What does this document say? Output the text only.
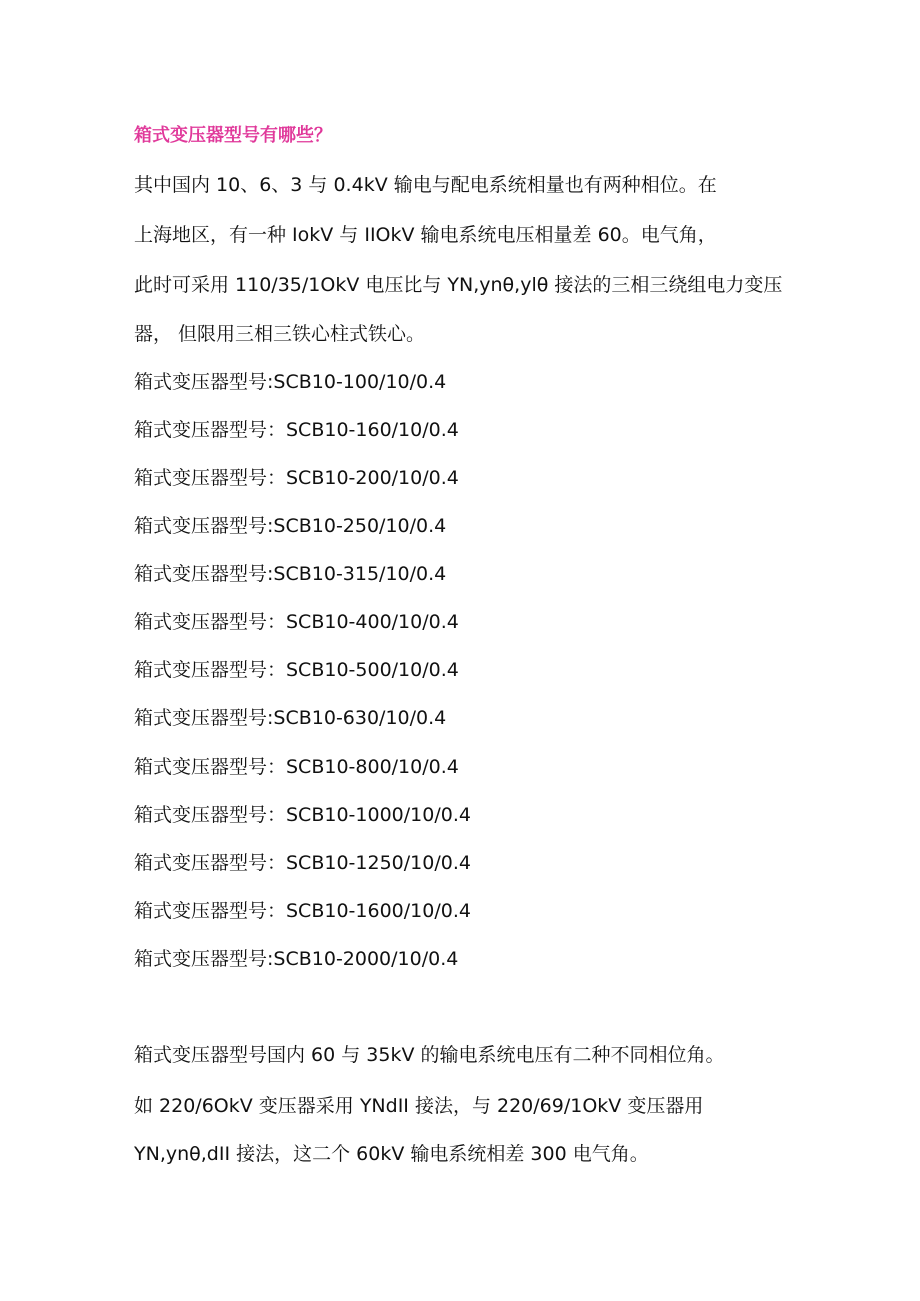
箱式变压器型号有哪些？
其中国内 10、6、3 与 0.4kV 输电与配电系统相量也有两种相位。在
上海地区，有一种 IokV 与 IIOkV 输电系统电压相量差 60。电气角，
此时可采用 110/35/1OkV 电压比与 YN,ynθ,ylθ 接法的三相三绕组电力变压
器， 但限用三相三铁心柱式铁心。
箱式变压器型号:SCB10-100/10/0.4
箱式变压器型号：SCB10-160/10/0.4
箱式变压器型号：SCB10-200/10/0.4
箱式变压器型号:SCB10-250/10/0.4
箱式变压器型号:SCB10-315/10/0.4
箱式变压器型号：SCB10-400/10/0.4
箱式变压器型号：SCB10-500/10/0.4
箱式变压器型号:SCB10-630/10/0.4
箱式变压器型号：SCB10-800/10/0.4
箱式变压器型号：SCB10-1000/10/0.4
箱式变压器型号：SCB10-1250/10/0.4
箱式变压器型号：SCB10-1600/10/0.4
箱式变压器型号:SCB10-2000/10/0.4
箱式变压器型号国内 60 与 35kV 的输电系统电压有二种不同相位角。
如 220/6OkV 变压器采用 YNdII 接法，与 220/69/1OkV 变压器用
YN,ynθ,dII 接法，这二个 60kV 输电系统相差 300 电气角。
